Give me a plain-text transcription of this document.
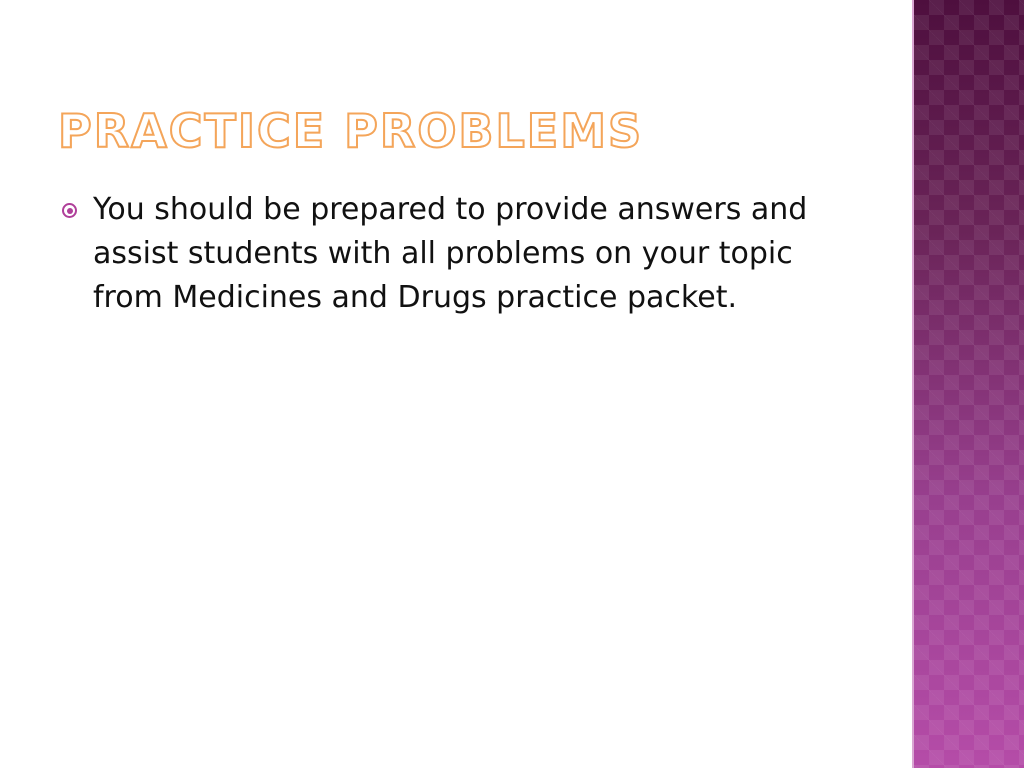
PRACTICE PROBLEMS
You should be prepared to provide answers and assist students with all problems on your topic from Medicines and Drugs practice packet.
